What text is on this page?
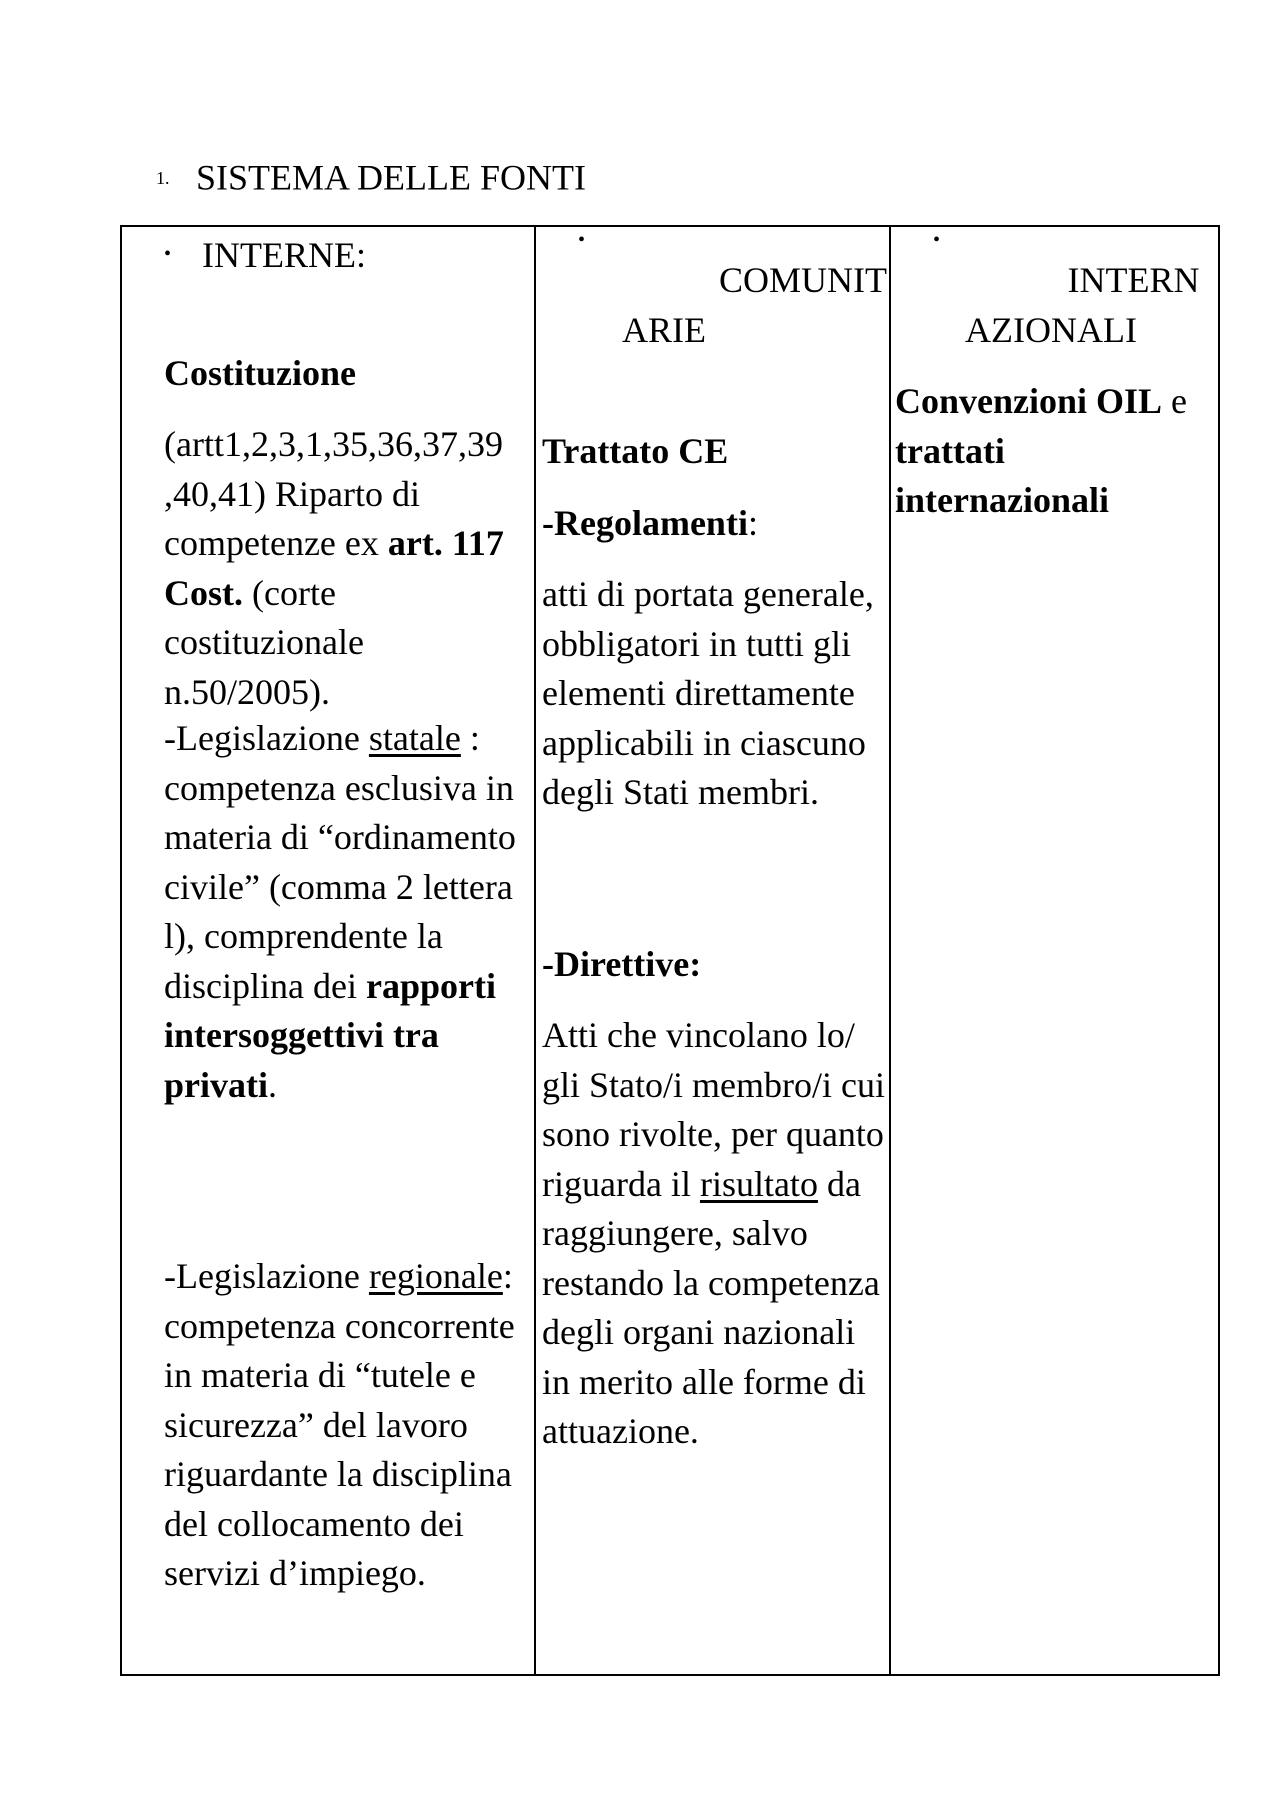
1. SISTEMA DELLE FONTI
• INTERNE:
Costituzione
(artt1,2,3,1,35,36,37,39 ,40,41) Riparto di competenze ex art. 117 Cost. (corte costituzionale n.50/2005).
-Legislazione statale : competenza esclusiva in materia di “ordinamento civile” (comma 2 lettera l), comprendente la disciplina dei rapporti intersoggettivi tra privati.
-Legislazione regionale: competenza concorrente in materia di “tutele e sicurezza” del lavoro riguardante la disciplina del collocamento dei servizi d’impiego.

•
COMUNIT
ARIE
Trattato CE
-Regolamenti:
atti di portata generale, obbligatori in tutti gli elementi direttamente applicabili in ciascuno degli Stati membri.
-Direttive:
Atti che vincolano lo/ gli Stato/i membro/i cui sono rivolte, per quanto riguarda il risultato da raggiungere, salvo restando la competenza degli organi nazionali in merito alle forme di attuazione.

•
INTERN
AZIONALI
Convenzioni OIL e trattati internazionali
